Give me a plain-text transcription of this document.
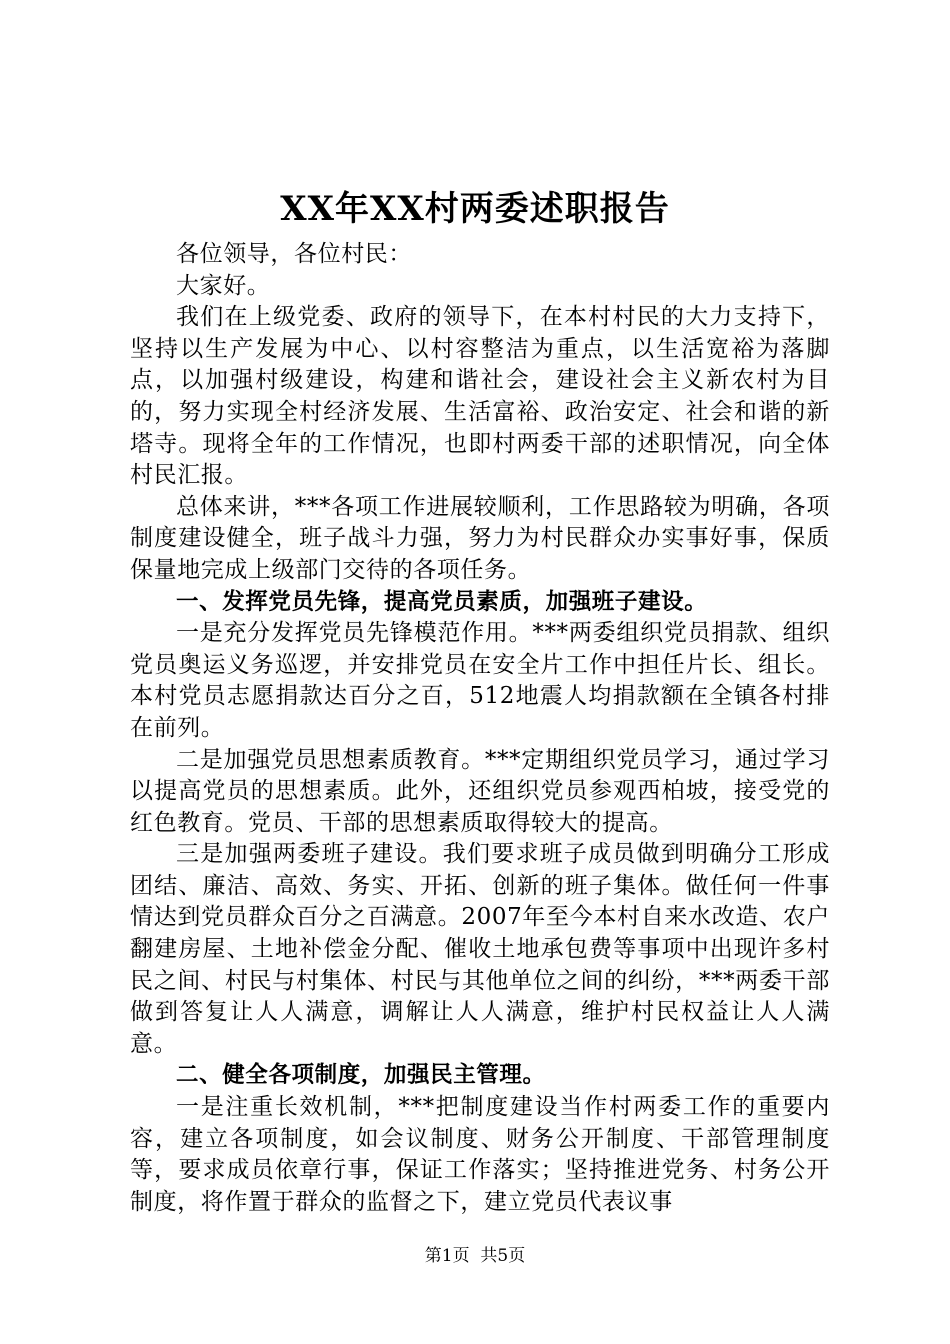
XX年XX村两委述职报告

各位领导，各位村民：

大家好。

我们在上级党委、政府的领导下，在本村村民的大力支持下，坚持以生产发展为中心、以村容整洁为重点，以生活宽裕为落脚点，以加强村级建设，构建和谐社会，建设社会主义新农村为目的，努力实现全村经济发展、生活富裕、政治安定、社会和谐的新塔寺。现将全年的工作情况，也即村两委干部的述职情况，向全体村民汇报。

总体来讲，***各项工作进展较顺利，工作思路较为明确，各项制度建设健全，班子战斗力强，努力为村民群众办实事好事，保质保量地完成上级部门交待的各项任务。

一、发挥党员先锋，提高党员素质，加强班子建设。

一是充分发挥党员先锋模范作用。***两委组织党员捐款、组织党员奥运义务巡逻，并安排党员在安全片工作中担任片长、组长。本村党员志愿捐款达百分之百，512地震人均捐款额在全镇各村排在前列。

二是加强党员思想素质教育。***定期组织党员学习，通过学习以提高党员的思想素质。此外，还组织党员参观西柏坡，接受党的红色教育。党员、干部的思想素质取得较大的提高。

三是加强两委班子建设。我们要求班子成员做到明确分工形成团结、廉洁、高效、务实、开拓、创新的班子集体。做任何一件事情达到党员群众百分之百满意。2007年至今本村自来水改造、农户翻建房屋、土地补偿金分配、催收土地承包费等事项中出现许多村民之间、村民与村集体、村民与其他单位之间的纠纷，***两委干部做到答复让人人满意，调解让人人满意，维护村民权益让人人满意。

二、健全各项制度，加强民主管理。

一是注重长效机制，***把制度建设当作村两委工作的重要内容，建立各项制度，如会议制度、财务公开制度、干部管理制度等，要求成员依章行事，保证工作落实；坚持推进党务、村务公开制度，将作置于群众的监督之下，建立党员代表议事

第1页 共5页
